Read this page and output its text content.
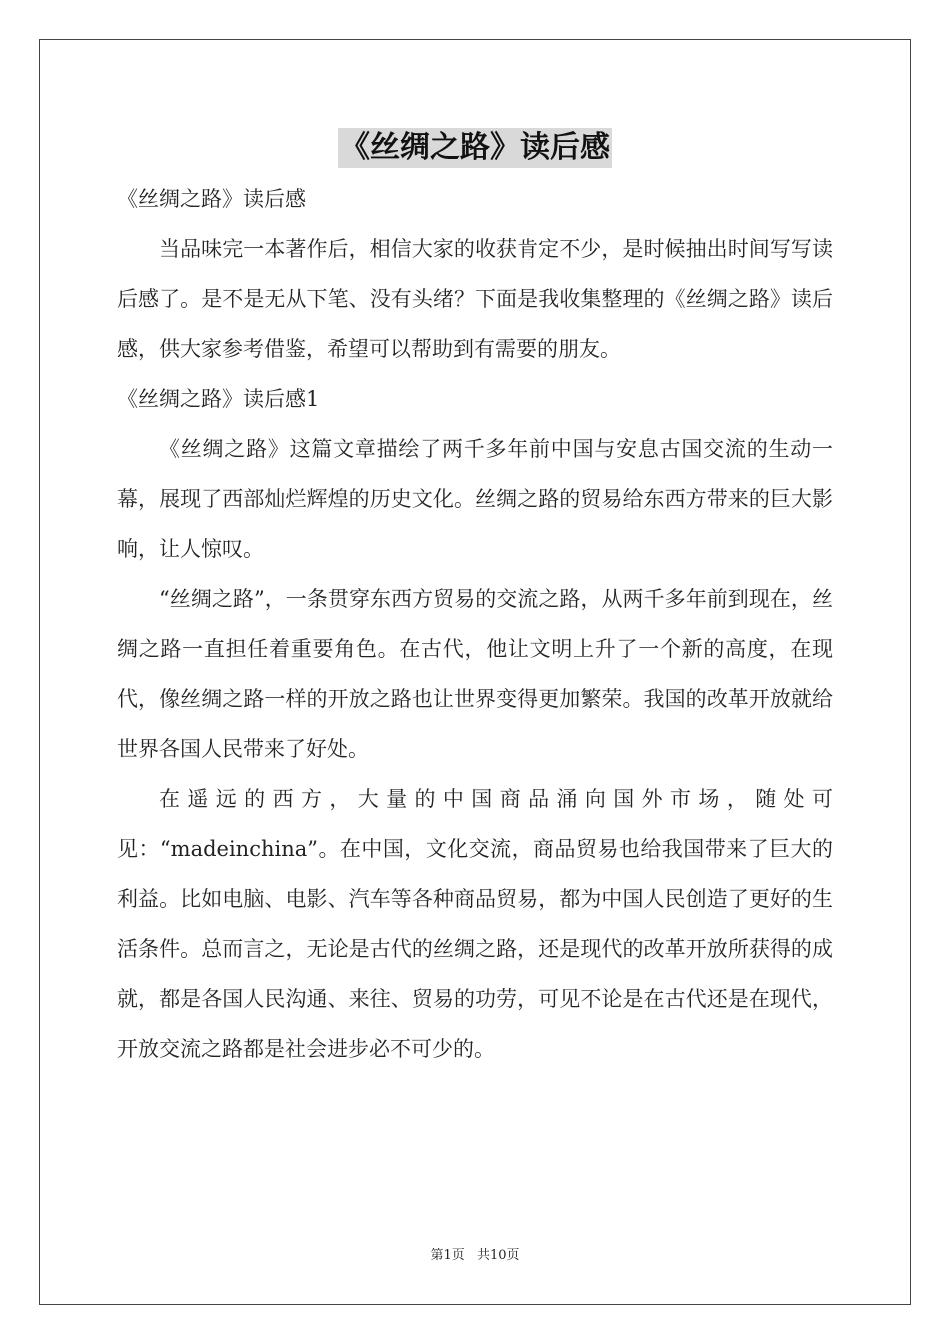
《丝绸之路》读后感

《丝绸之路》读后感

当品味完一本著作后，相信大家的收获肯定不少，是时候抽出时间写写读后感了。是不是无从下笔、没有头绪？下面是我收集整理的《丝绸之路》读后感，供大家参考借鉴，希望可以帮助到有需要的朋友。

《丝绸之路》读后感1

《丝绸之路》这篇文章描绘了两千多年前中国与安息古国交流的生动一幕，展现了西部灿烂辉煌的历史文化。丝绸之路的贸易给东西方带来的巨大影响，让人惊叹。

“丝绸之路”，一条贯穿东西方贸易的交流之路，从两千多年前到现在，丝绸之路一直担任着重要角色。在古代，他让文明上升了一个新的高度，在现代，像丝绸之路一样的开放之路也让世界变得更加繁荣。我国的改革开放就给世界各国人民带来了好处。

在遥远的西方，大量的中国商品涌向国外市场，随处可见：“madeinchina”。在中国，文化交流，商品贸易也给我国带来了巨大的利益。比如电脑、电影、汽车等各种商品贸易，都为中国人民创造了更好的生活条件。总而言之，无论是古代的丝绸之路，还是现代的改革开放所获得的成就，都是各国人民沟通、来往、贸易的功劳，可见不论是在古代还是在现代，开放交流之路都是社会进步必不可少的。

第1页 共10页
